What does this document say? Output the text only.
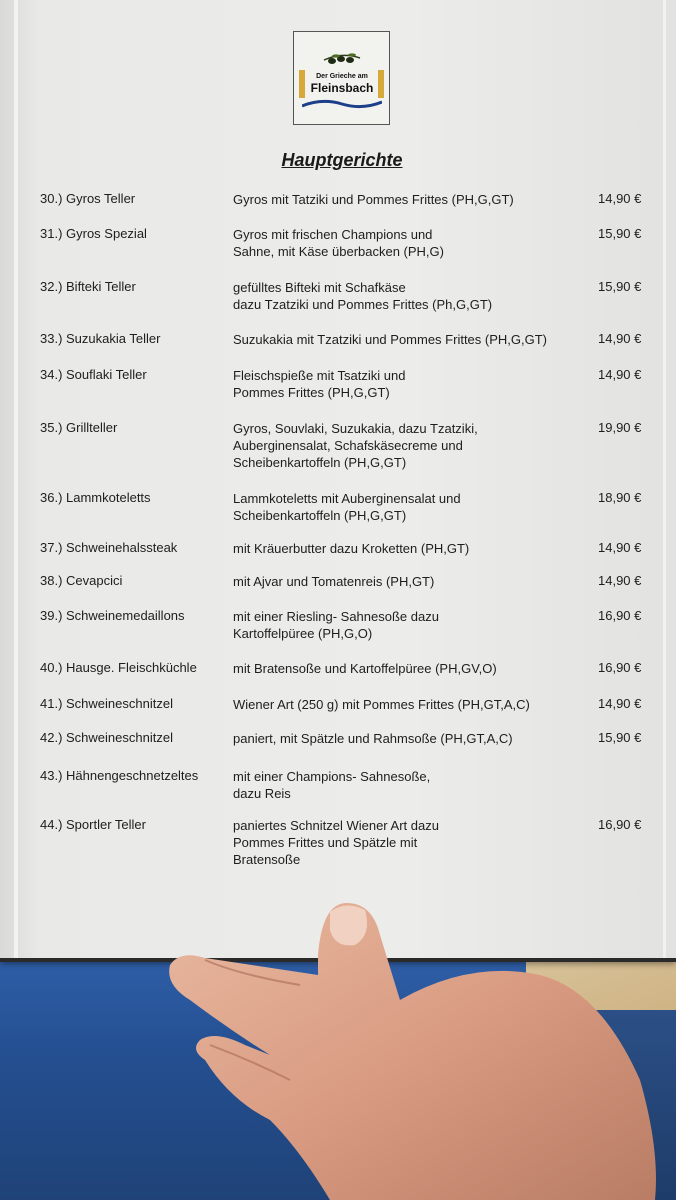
Der Grieche am
Fleinsbach
Hauptgerichte
30.) Gyros Teller	Gyros mit Tatziki und Pommes Frittes (PH,G,GT)	14,90 €
31.) Gyros Spezial	Gyros mit frischen Champions und
Sahne, mit Käse überbacken (PH,G)
15,90 €
32.) Bifteki Teller	gefülltes Bifteki mit Schafkäse
dazu Tzatziki und Pommes Frittes (Ph,G,GT)
15,90 €
33.) Suzukakia Teller	Suzukakia mit Tzatziki und Pommes Frittes (PH,G,GT)	14,90 €
34.) Souflaki Teller	Fleischspieße mit Tsatziki und
Pommes Frittes (PH,G,GT)
14,90 €
35.) Grillteller	Gyros, Souvlaki, Suzukakia, dazu Tzatziki,
Auberginensalat, Schafskäsecreme und
Scheibenkartoffeln (PH,G,GT)
19,90 €
36.) Lammkoteletts	Lammkoteletts mit Auberginensalat und
Scheibenkartoffeln (PH,G,GT)
18,90 €
37.) Schweinehalssteak	mit Kräuerbutter dazu Kroketten (PH,GT)	14,90 €
38.) Cevapcici	mit Ajvar und Tomatenreis (PH,GT)	14,90 €
39.) Schweinemedaillons	mit einer Riesling- Sahnesoße dazu
Kartoffelpüree (PH,G,O)
16,90 €
40.) Hausge. Fleischküchle	mit Bratensoße und Kartoffelpüree (PH,GV,O)	16,90 €
41.) Schweineschnitzel	Wiener Art (250 g) mit Pommes Frittes (PH,GT,A,C)	14,90 €
42.) Schweineschnitzel	paniert, mit Spätzle und Rahmsoße (PH,GT,A,C)	15,90 €
43.) Hähnengeschnetzeltes	mit einer Champions- Sahnesoße,
dazu Reis
44.) Sportler Teller	paniertes Schnitzel Wiener Art dazu
Pommes Frittes und Spätzle mit
Bratensoße
16,90 €
